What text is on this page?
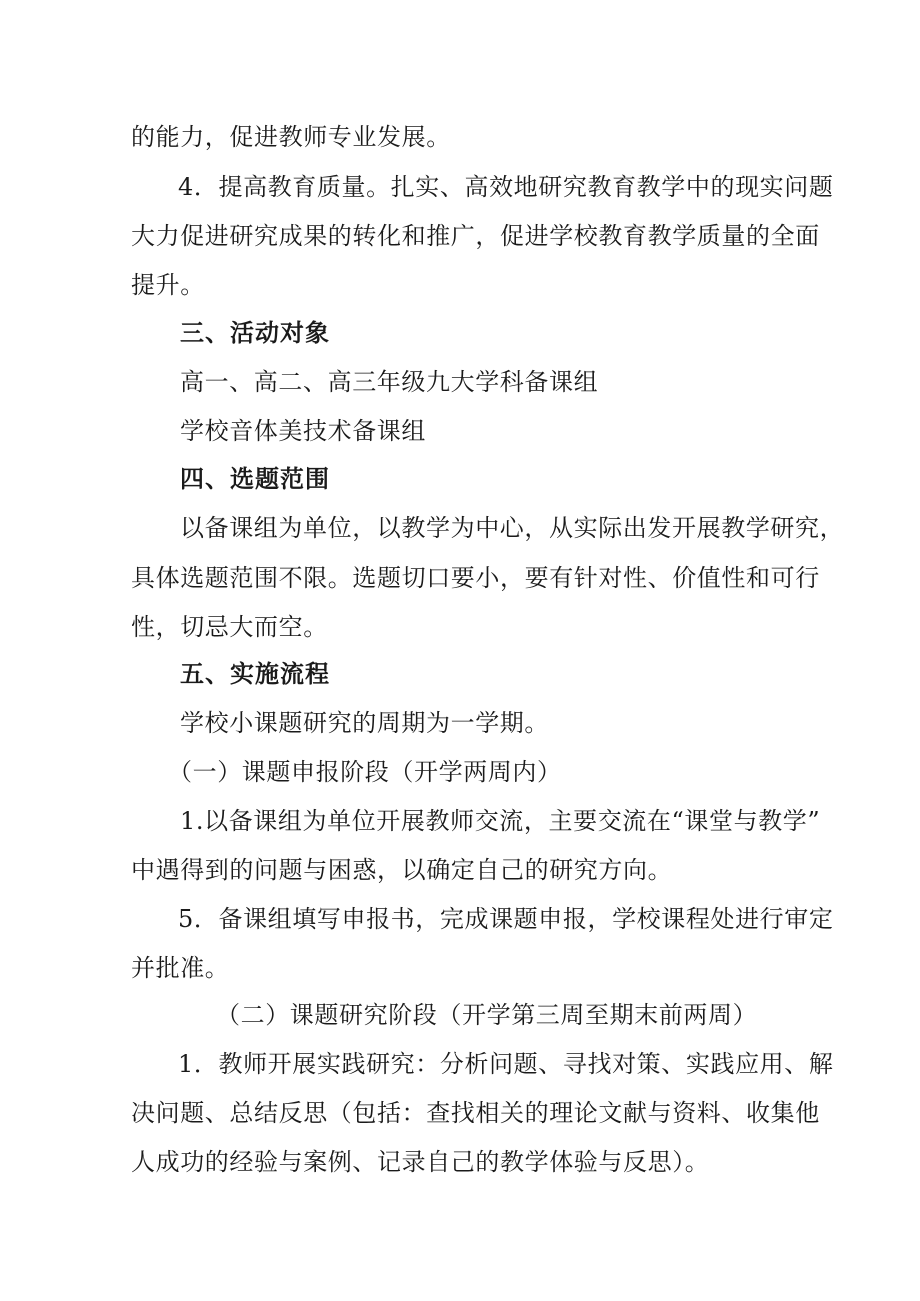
的能力，促进教师专业发展。
4．提高教育质量。扎实、高效地研究教育教学中的现实问题
大力促进研究成果的转化和推广，促进学校教育教学质量的全面
提升。
三、活动对象
高一、高二、高三年级九大学科备课组
学校音体美技术备课组
四、选题范围
以备课组为单位，以教学为中心，从实际出发开展教学研究，
具体选题范围不限。选题切口要小，要有针对性、价值性和可行
性，切忌大而空。
五、实施流程
学校小课题研究的周期为一学期。
（一）课题申报阶段（开学两周内）
1.以备课组为单位开展教师交流，主要交流在“课堂与教学”
中遇得到的问题与困惑，以确定自己的研究方向。
5．备课组填写申报书，完成课题申报，学校课程处进行审定
并批准。
（二）课题研究阶段（开学第三周至期末前两周）
1．教师开展实践研究：分析问题、寻找对策、实践应用、解
决问题、总结反思（包括：查找相关的理论文献与资料、收集他
人成功的经验与案例、记录自己的教学体验与反思）。
